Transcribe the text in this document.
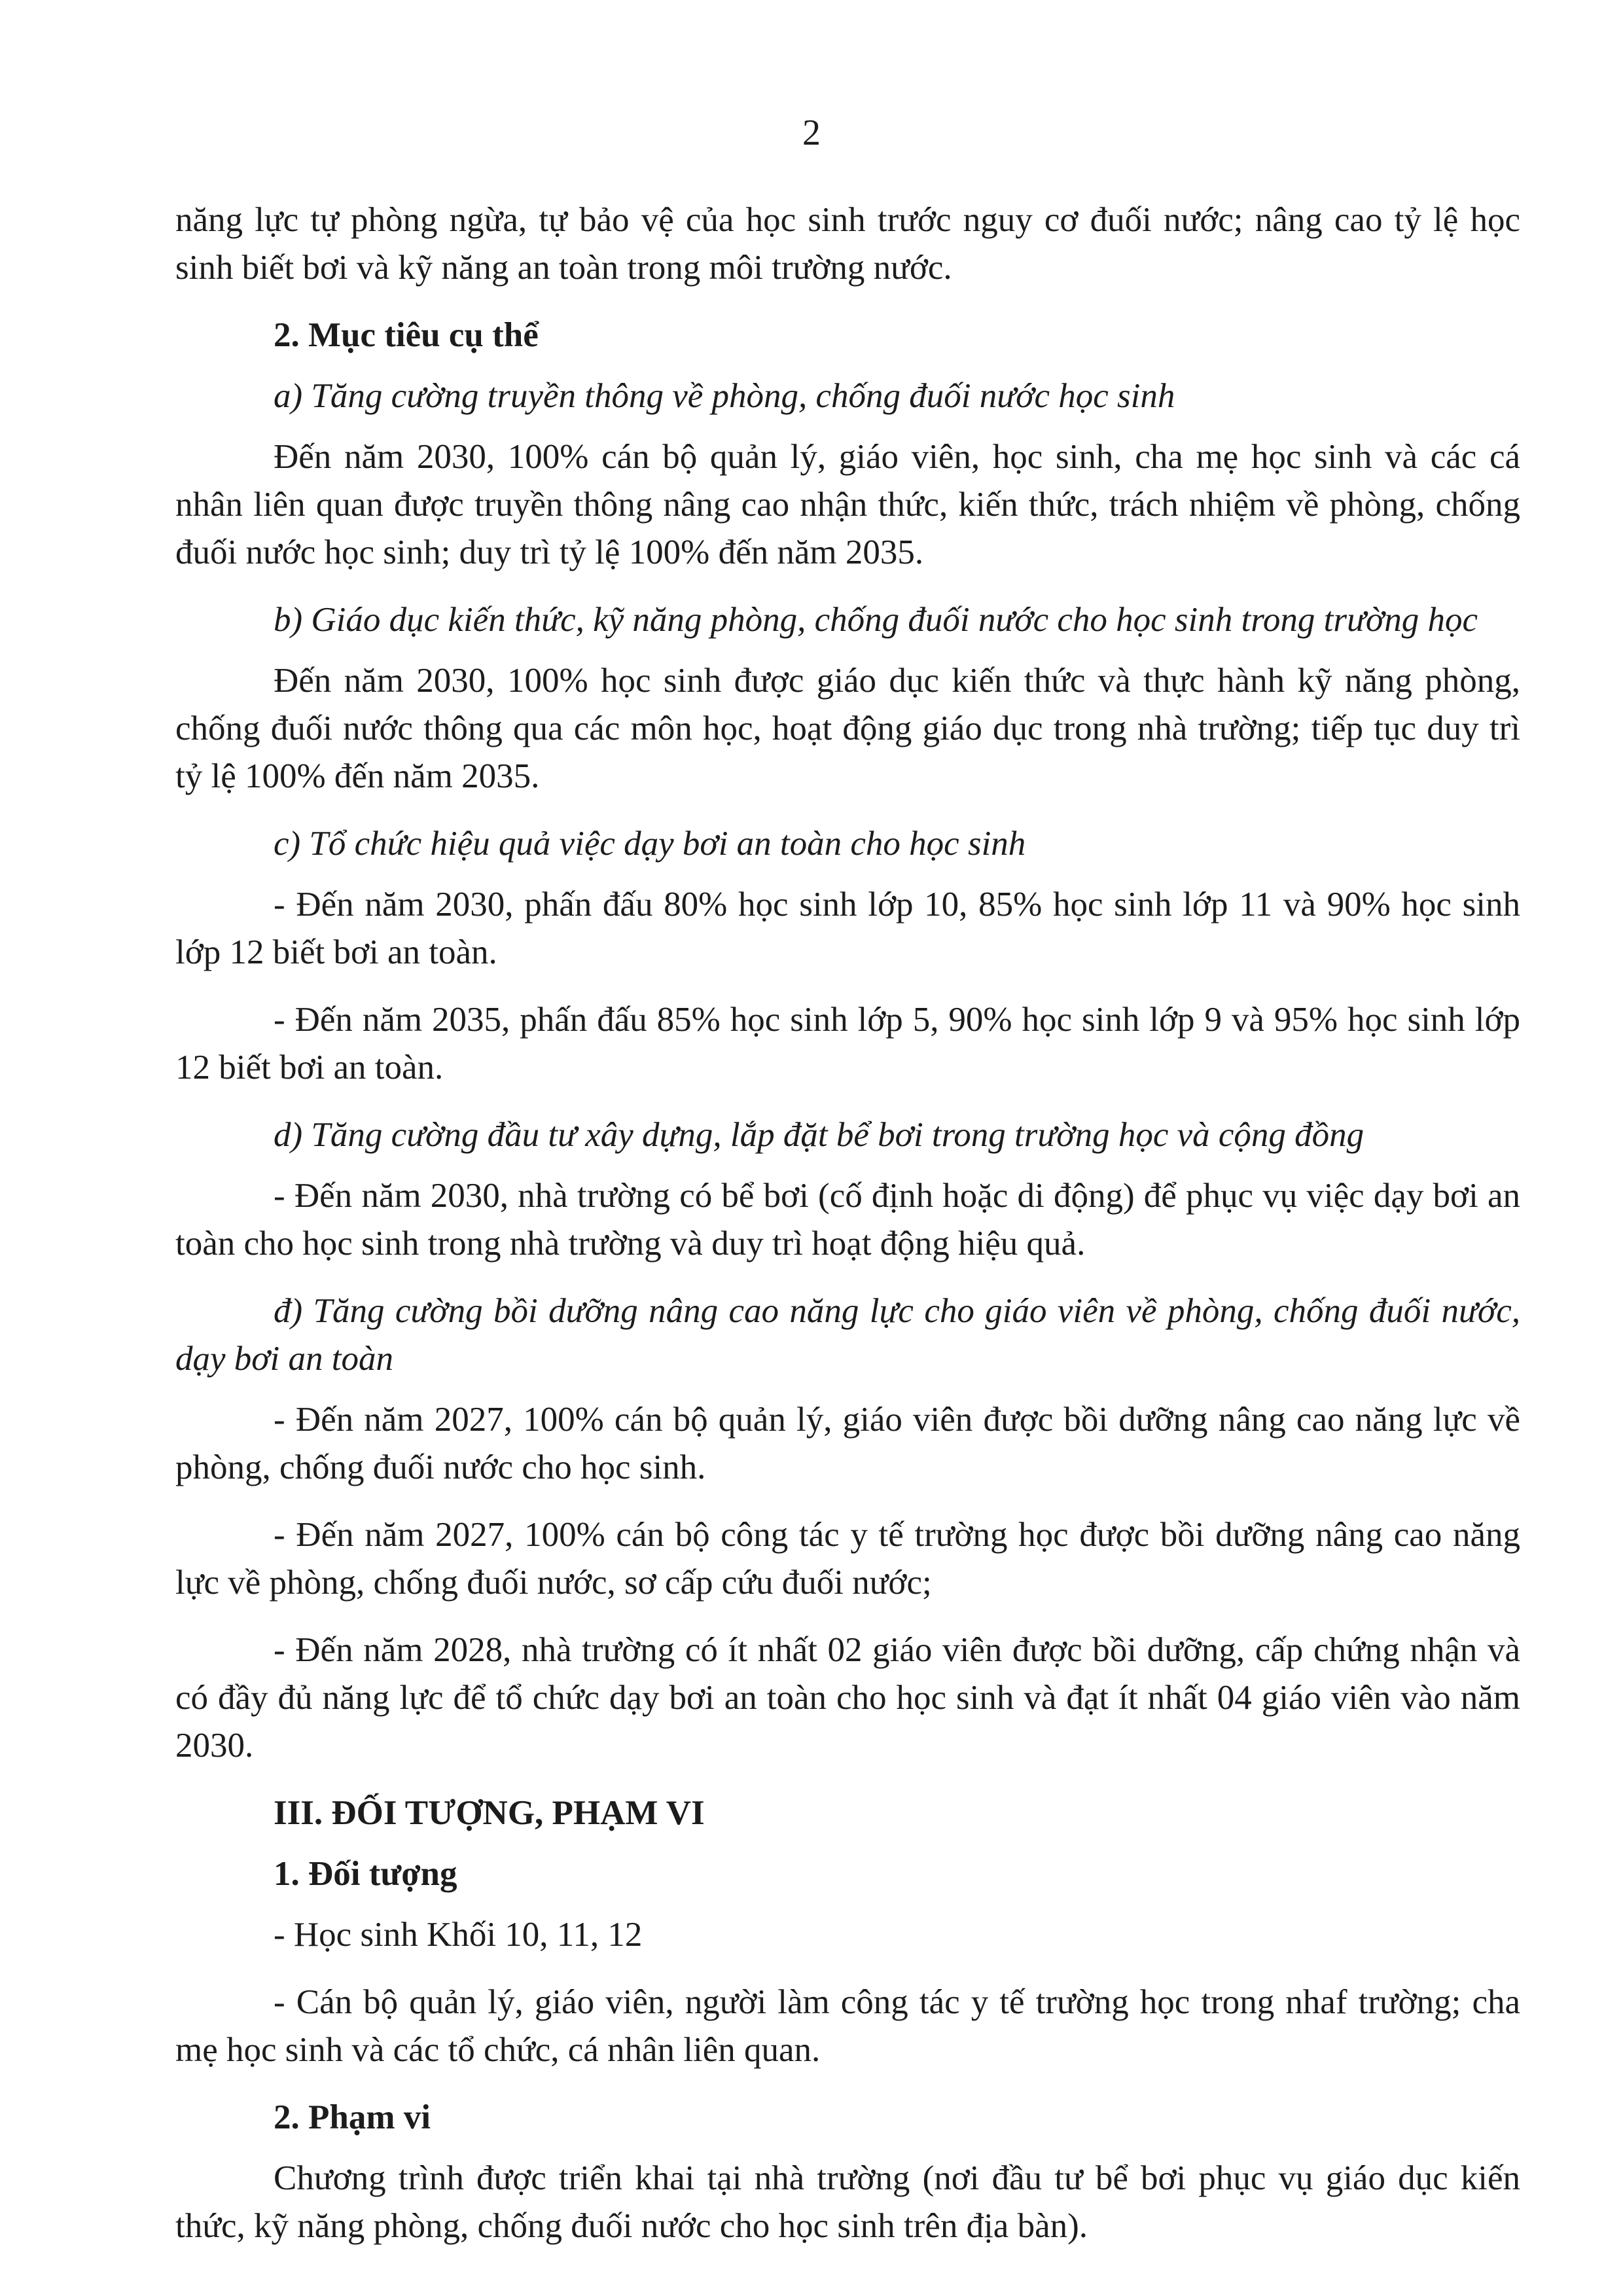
2

năng lực tự phòng ngừa, tự bảo vệ của học sinh trước nguy cơ đuối nước; nâng cao tỷ lệ học sinh biết bơi và kỹ năng an toàn trong môi trường nước.

2. Mục tiêu cụ thể

a) Tăng cường truyền thông về phòng, chống đuối nước học sinh

Đến năm 2030, 100% cán bộ quản lý, giáo viên, học sinh, cha mẹ học sinh và các cá nhân liên quan được truyền thông nâng cao nhận thức, kiến thức, trách nhiệm về phòng, chống đuối nước học sinh; duy trì tỷ lệ 100% đến năm 2035.

b) Giáo dục kiến thức, kỹ năng phòng, chống đuối nước cho học sinh trong trường học

Đến năm 2030, 100% học sinh được giáo dục kiến thức và thực hành kỹ năng phòng, chống đuối nước thông qua các môn học, hoạt động giáo dục trong nhà trường; tiếp tục duy trì tỷ lệ 100% đến năm 2035.

c) Tổ chức hiệu quả việc dạy bơi an toàn cho học sinh

- Đến năm 2030, phấn đấu 80% học sinh lớp 10, 85% học sinh lớp 11 và 90% học sinh lớp 12 biết bơi an toàn.

- Đến năm 2035, phấn đấu 85% học sinh lớp 5, 90% học sinh lớp 9 và 95% học sinh lớp 12 biết bơi an toàn.

d) Tăng cường đầu tư xây dựng, lắp đặt bể bơi trong trường học và cộng đồng

- Đến năm 2030, nhà trường có bể bơi (cố định hoặc di động) để phục vụ việc dạy bơi an toàn cho học sinh trong nhà trường và duy trì hoạt động hiệu quả.

đ) Tăng cường bồi dưỡng nâng cao năng lực cho giáo viên về phòng, chống đuối nước, dạy bơi an toàn

- Đến năm 2027, 100% cán bộ quản lý, giáo viên được bồi dưỡng nâng cao năng lực về phòng, chống đuối nước cho học sinh.

- Đến năm 2027, 100% cán bộ công tác y tế trường học được bồi dưỡng nâng cao năng lực về phòng, chống đuối nước, sơ cấp cứu đuối nước;

- Đến năm 2028, nhà trường có ít nhất 02 giáo viên được bồi dưỡng, cấp chứng nhận và có đầy đủ năng lực để tổ chức dạy bơi an toàn cho học sinh và đạt ít nhất 04 giáo viên vào năm 2030.

III. ĐỐI TƯỢNG, PHẠM VI

1. Đối tượng

- Học sinh Khối 10, 11, 12

- Cán bộ quản lý, giáo viên, người làm công tác y tế trường học trong nhaf trường; cha mẹ học sinh và các tổ chức, cá nhân liên quan.

2. Phạm vi

Chương trình được triển khai tại nhà trường (nơi đầu tư bể bơi phục vụ giáo dục kiến thức, kỹ năng phòng, chống đuối nước cho học sinh trên địa bàn).
